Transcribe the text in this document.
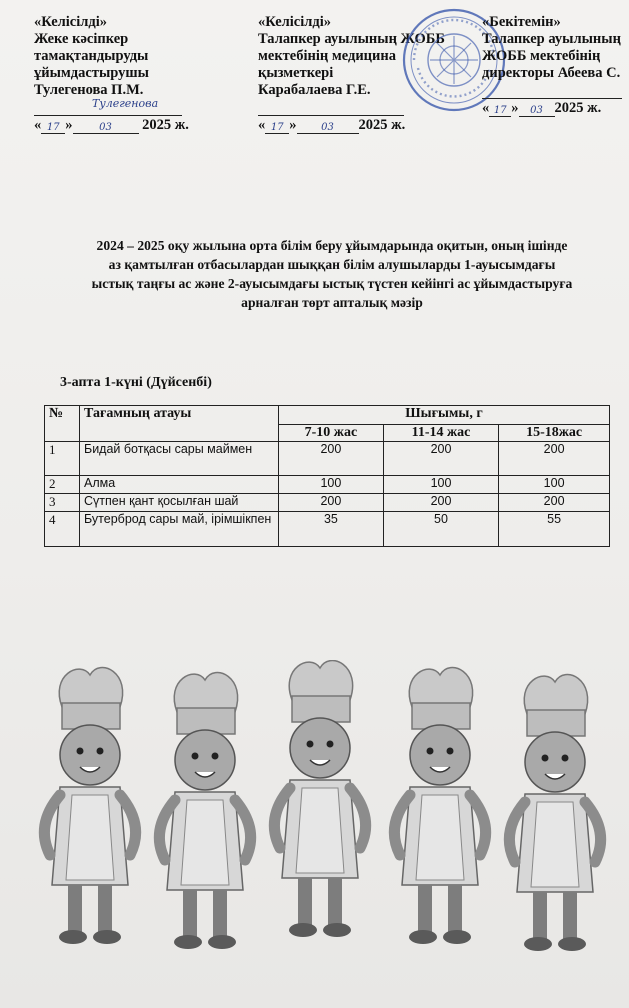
«Келісілді»
Жеке кәсіпкер
тамақтандыруды
ұйымдастырушы
Тулегенова П.М.
Тулегенова
« 17 »	03 2025 ж.
«Келісілді»
Талапкер ауылының ЖОББ
мектебінің медицина
қызметкері
Карабалаева Г.Е.
« 17 » 03 2025 ж.
«Бекітемін»
Талапкер ауылының
ЖОББ мектебінің
директоры Абеева С.
« 17 » 03 2025 ж.
2024 – 2025 оқу жылына орта білім беру ұйымдарында оқитын, оның ішінде
аз қамтылған отбасылардан шыққан білім алушыларды 1-ауысымдағы
ыстық таңғы ас және 2-ауысымдағы ыстық түстен кейінгі ас ұйымдастыруға
арналған төрт апталық мәзір
3-апта 1-күні (Дүйсенбі)
№	Тағамның атауы	Шығымы, г		
		7-10 жас	11-14 жас	15-18жас
1	Бидай ботқасы сары маймен	200	200	200
2	Алма	100	100	100
3	Сүтпен қант қосылған шай	200	200	200
4	Бутерброд сары май, ірімшікпен	35	50	55
